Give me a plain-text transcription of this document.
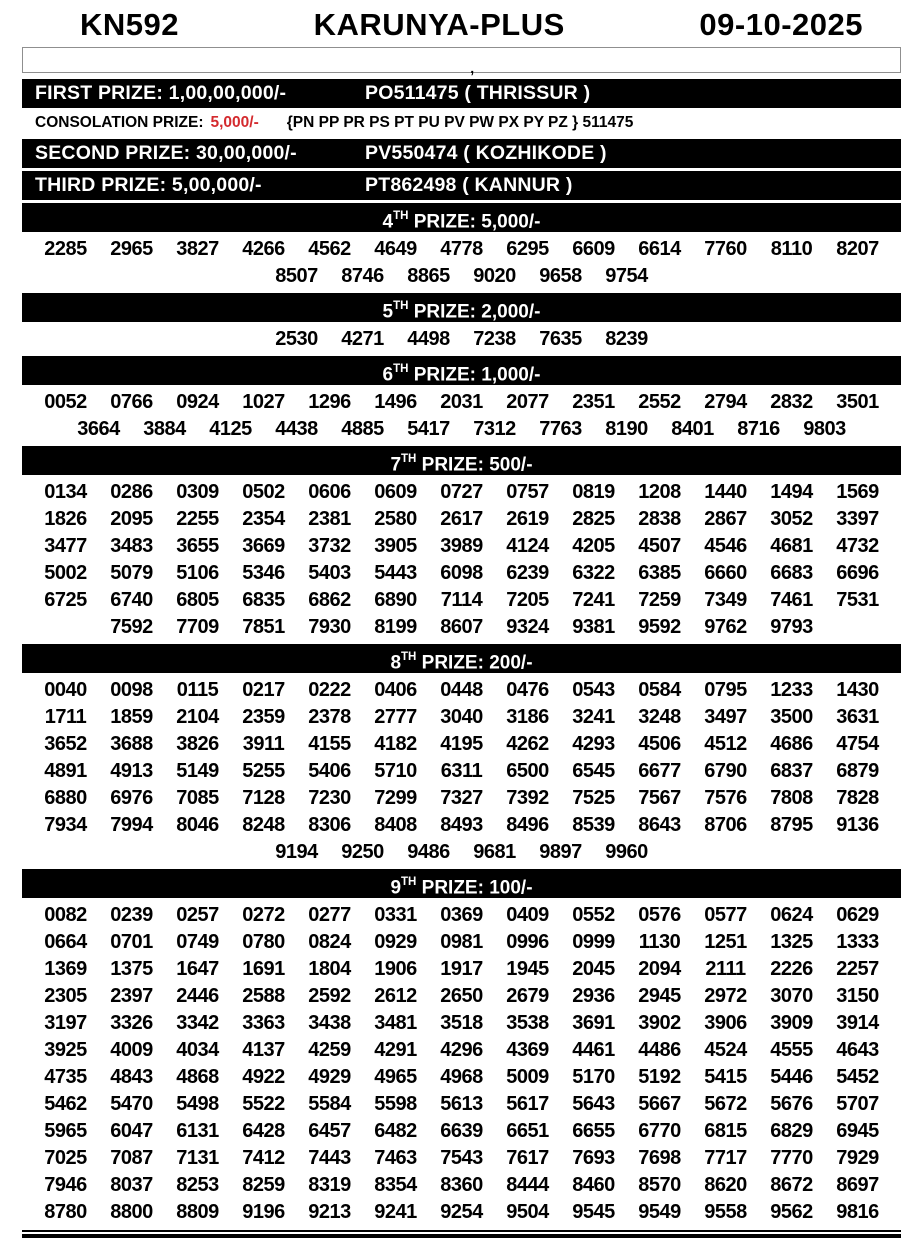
KN592	KARUNYA-PLUS	09-10-2025
,
FIRST PRIZE: 1,00,00,000/-	PO511475 ( THRISSUR )
CONSOLATION PRIZE: 5,000/- {PN PP PR PS PT PU PV PW PX PY PZ } 511475
SECOND PRIZE: 30,00,000/-	PV550474 ( KOZHIKODE )
THIRD PRIZE: 5,00,000/-	PT862498 ( KANNUR )
4TH PRIZE: 5,000/-
2285 2965 3827 4266 4562 4649 4778 6295 6609 6614 7760 8110 8207
8507 8746 8865 9020 9658 9754
5TH PRIZE: 2,000/-
2530 4271 4498 7238 7635 8239
6TH PRIZE: 1,000/-
0052 0766 0924 1027 1296 1496 2031 2077 2351 2552 2794 2832 3501
3664 3884 4125 4438 4885 5417 7312 7763 8190 8401 8716 9803
7TH PRIZE: 500/-
0134 0286 0309 0502 0606 0609 0727 0757 0819 1208 1440 1494 1569
1826 2095 2255 2354 2381 2580 2617 2619 2825 2838 2867 3052 3397
3477 3483 3655 3669 3732 3905 3989 4124 4205 4507 4546 4681 4732
5002 5079 5106 5346 5403 5443 6098 6239 6322 6385 6660 6683 6696
6725 6740 6805 6835 6862 6890 7114 7205 7241 7259 7349 7461 7531
7592 7709 7851 7930 8199 8607 9324 9381 9592 9762 9793
8TH PRIZE: 200/-
0040 0098 0115 0217 0222 0406 0448 0476 0543 0584 0795 1233 1430
1711 1859 2104 2359 2378 2777 3040 3186 3241 3248 3497 3500 3631
3652 3688 3826 3911 4155 4182 4195 4262 4293 4506 4512 4686 4754
4891 4913 5149 5255 5406 5710 6311 6500 6545 6677 6790 6837 6879
6880 6976 7085 7128 7230 7299 7327 7392 7525 7567 7576 7808 7828
7934 7994 8046 8248 8306 8408 8493 8496 8539 8643 8706 8795 9136
9194 9250 9486 9681 9897 9960
9TH PRIZE: 100/-
0082 0239 0257 0272 0277 0331 0369 0409 0552 0576 0577 0624 0629
0664 0701 0749 0780 0824 0929 0981 0996 0999 1130 1251 1325 1333
1369 1375 1647 1691 1804 1906 1917 1945 2045 2094 2111 2226 2257
2305 2397 2446 2588 2592 2612 2650 2679 2936 2945 2972 3070 3150
3197 3326 3342 3363 3438 3481 3518 3538 3691 3902 3906 3909 3914
3925 4009 4034 4137 4259 4291 4296 4369 4461 4486 4524 4555 4643
4735 4843 4868 4922 4929 4965 4968 5009 5170 5192 5415 5446 5452
5462 5470 5498 5522 5584 5598 5613 5617 5643 5667 5672 5676 5707
5965 6047 6131 6428 6457 6482 6639 6651 6655 6770 6815 6829 6945
7025 7087 7131 7412 7443 7463 7543 7617 7693 7698 7717 7770 7929
7946 8037 8253 8259 8319 8354 8360 8444 8460 8570 8620 8672 8697
8780 8800 8809 9196 9213 9241 9254 9504 9545 9549 9558 9562 9816
